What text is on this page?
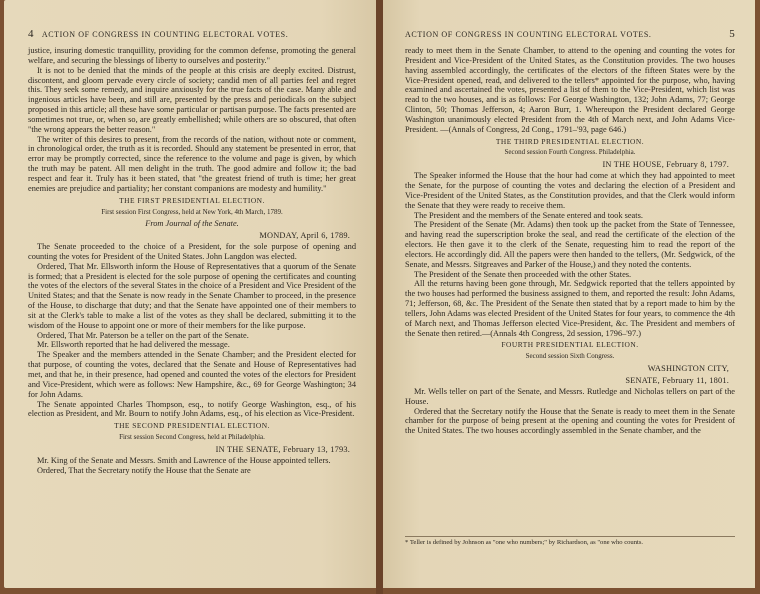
4 ACTION OF CONGRESS IN COUNTING ELECTORAL VOTES.

justice, insuring domestic tranquillity, providing for the common defense, promoting the general welfare, and securing the blessings of liberty to ourselves and posterity."

It is not to be denied that the minds of the people at this crisis are deeply excited. Distrust, discontent, and gloom pervade every circle of society; candid men of all parties feel and regret this. They seek some remedy, and inquire anxiously for the true facts of the case. Many able and ingenious articles have been, and still are, presented by the press and periodicals on the subject proposed in this article; all these have some particular or partisan purpose. The facts presented are sometimes not true, or, when so, are greatly embellished; while others are so obscured, that often "the wrong appears the better reason."

The writer of this desires to present, from the records of the nation, without note or comment, in chronological order, the truth as it is recorded. Should any statement be presented in error, that error may be promptly corrected, since the reference to the volume and page is given, by which the truth may be patent. All men delight in the truth. The good admire and follow it; the bad respect and fear it. Truly has it been stated, that "the greatest friend of truth is time; her great enemies are prejudice and partiality; her constant companions are modesty and humility."

THE FIRST PRESIDENTIAL ELECTION.

First session First Congress, held at New York, 4th March, 1789.

From Journal of the Senate.

MONDAY, April 6, 1789.

The Senate proceeded to the choice of a President, for the sole purpose of opening and counting the votes for President of the United States. John Langdon was elected.

Ordered, That Mr. Ellsworth inform the House of Representatives that a quorum of the Senate is formed; that a President is elected for the sole purpose of opening the certificates and counting the votes of the electors of the several States in the choice of a President and Vice President of the United States; and that the Senate is now ready in the Senate Chamber to proceed, in the presence of the House, to discharge that duty; and that the Senate have appointed one of their members to sit at the Clerk's table to make a list of the votes as they shall be declared, submitting it to the wisdom of the House to appoint one or more of their members for the like purpose.

Ordered, That Mr. Paterson be a teller on the part of the Senate.

Mr. Ellsworth reported that he had delivered the message.

The Speaker and the members attended in the Senate Chamber; and the President elected for that purpose, of counting the votes, declared that the Senate and House of Representatives had met, and that he, in their presence, had opened and counted the votes of the electors for President and Vice-President, which were as follows: New Hampshire, &c., 69 for George Washington; 34 for John Adams.

The Senate appointed Charles Thompson, esq., to notify George Washington, esq., of his election as President, and Mr. Bourn to notify John Adams, esq., of his election as Vice-President.

THE SECOND PRESIDENTIAL ELECTION.

First session Second Congress, held at Philadelphia.

IN THE SENATE, February 13, 1793.

Mr. King of the Senate and Messrs. Smith and Lawrence of the House appointed tellers.

Ordered, That the Secretary notify the House that the Senate are

ACTION OF CONGRESS IN COUNTING ELECTORAL VOTES.	5

ready to meet them in the Senate Chamber, to attend to the opening and counting the votes for President and Vice-President of the United States, as the Constitution provides. The two houses having assembled accordingly, the certificates of the electors of the fifteen States were by the Vice-President opened, read, and delivered to the tellers* appointed for the purpose, who, having examined and ascertained the votes, presented a list of them to the Vice-President, which list was read to the two houses, and is as follows: For George Washington, 132; John Adams, 77; George Clinton, 50; Thomas Jefferson, 4; Aaron Burr, 1. Whereupon the President declared George Washington unanimously elected President from the 4th of March next, and John Adams Vice-President. —(Annals of Congress, 2d Cong., 1791–'93, page 646.)

THE THIRD PRESIDENTIAL ELECTION.

Second session Fourth Congress. Philadelphia.

IN THE HOUSE, February 8, 1797.

The Speaker informed the House that the hour had come at which they had appointed to meet the Senate, for the purpose of counting the votes and declaring the election of a President and Vice-President of the United States, as the Constitution provides, and that the Clerk would inform the Senate that they were ready to receive them.

The President and the members of the Senate entered and took seats.

The President of the Senate (Mr. Adams) then took up the packet from the State of Tennessee, and having read the superscription broke the seal, and read the certificate of the election of the electors. He then gave it to the clerk of the Senate, requesting him to read the report of the electors. He accordingly did. All the papers were then handed to the tellers, (Mr. Sedgwick, of the Senate, and Messrs. Sitgreaves and Parker of the House,) and they noted the contents.

The President of the Senate then proceeded with the other States.

All the returns having been gone through, Mr. Sedgwick reported that the tellers appointed by the two houses had performed the business assigned to them, and reported the result: John Adams, 71; Jefferson, 68, &c. The President of the Senate then stated that by a report made to him by the tellers, John Adams was elected President of the United States for four years, to commence the 4th of March next, and Thomas Jefferson elected Vice-President, &c. The President and members of the Senate then retired.—(Annals 4th Congress, 2d session, 1796–'97.)

FOURTH PRESIDENTIAL ELECTION.

Second session Sixth Congress.

WASHINGTON CITY,

SENATE, February 11, 1801.

Mr. Wells teller on part of the Senate, and Messrs. Rutledge and Nicholas tellers on part of the House.

Ordered that the Secretary notify the House that the Senate is ready to meet them in the Senate chamber for the purpose of being present at the opening and counting the votes for President of the United States. The two houses accordingly assembled in the Senate chamber, and the

* Teller is defined by Johnson as "one who numbers;" by Richardson, as "one who counts.
